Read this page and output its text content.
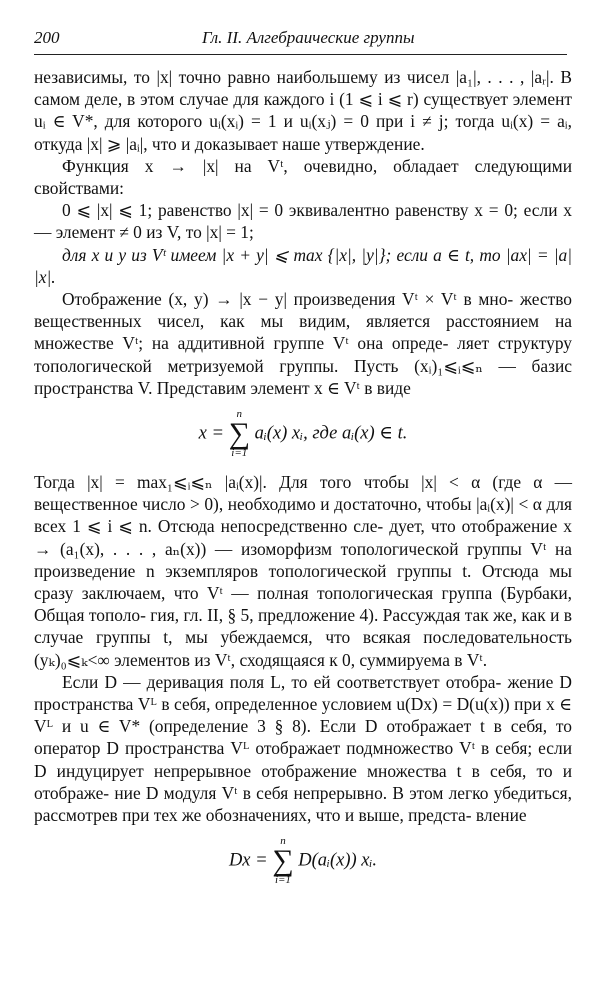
200	Гл. II. Алгебраические группы

независимы, то |x| точно равно наибольшему из чисел |a₁|, . . . , |aᵣ|. В самом деле, в этом случае для каждого i (1 ⩽ i ⩽ r) существует элемент uᵢ ∈ V*, для которого uᵢ(xᵢ) = 1 и uᵢ(xⱼ) = 0 при i ≠ j; тогда uᵢ(x) = aᵢ, откуда |x| ⩾ |aᵢ|, что и доказывает наше утверждение.

Функция x → |x| на Vᵗ, очевидно, обладает следующими свойствами:

0 ⩽ |x| ⩽ 1; равенство |x| = 0 эквивалентно равенству x = 0; если x — элемент ≠ 0 из V, то |x| = 1;

для x и y из Vᵗ имеем |x + y| ⩽ max {|x|, |y|}; если a ∈ t, то |ax| = |a| |x|.

Отображение (x, y) → |x − y| произведения Vᵗ × Vᵗ в мно- жество вещественных чисел, как мы видим, является расстоянием на множестве Vᵗ; на аддитивной группе Vᵗ она опреде- ляет структуру топологической метризуемой группы. Пусть (xᵢ)₁⩽ᵢ⩽ₙ — базис пространства V. Представим элемент x ∈ Vᵗ в виде

x =
n
∑
i=1
aᵢ(x) xᵢ, где aᵢ(x) ∈ t.

Тогда |x| = max₁⩽ᵢ⩽ₙ |aᵢ(x)|. Для того чтобы |x| < α (где α — вещественное число > 0), необходимо и достаточно, чтобы |aᵢ(x)| < α для всех 1 ⩽ i ⩽ n. Отсюда непосредственно сле- дует, что отображение x → (a₁(x), . . . , aₙ(x)) — изоморфизм топологической группы Vᵗ на произведение n экземпляров топологической группы t. Отсюда мы сразу заключаем, что Vᵗ — полная топологическая группа (Бурбаки, Общая тополо- гия, гл. II, § 5, предложение 4). Рассуждая так же, как и в случае группы t, мы убеждаемся, что всякая последовательность (yₖ)₀⩽ₖ<∞ элементов из Vᵗ, сходящаяся к 0, суммируема в Vᵗ.

Если D — деривация поля L, то ей соответствует отобра- жение D пространства Vᴸ в себя, определенное условием u(Dx) = D(u(x)) при x ∈ Vᴸ и u ∈ V* (определение 3 § 8). Если D отображает t в себя, то оператор D пространства Vᴸ отображает подмножество Vᵗ в себя; если D индуцирует непрерывное отображение множества t в себя, то и отображе- ние D модуля Vᵗ в себя непрерывно. В этом легко убедиться, рассмотрев при тех же обозначениях, что и выше, предста- вление

Dx =
n
∑
i=1
D(aᵢ(x)) xᵢ.
